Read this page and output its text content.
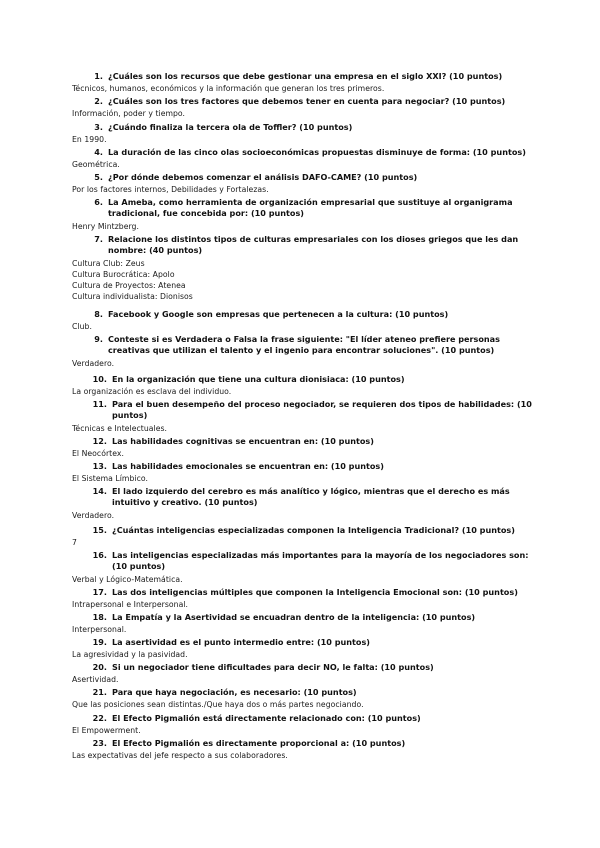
1. ¿Cuáles son los recursos que debe gestionar una empresa en el siglo XXI? (10 puntos)
Técnicos, humanos, económicos y la información que generan los tres primeros.
2. ¿Cuáles son los tres factores que debemos tener en cuenta para negociar? (10 puntos)
Información, poder y tiempo.
3. ¿Cuándo finaliza la tercera ola de Toffler? (10 puntos)
En 1990.
4. La duración de las cinco olas socioeconómicas propuestas disminuye de forma: (10 puntos)
Geométrica.
5. ¿Por dónde debemos comenzar el análisis DAFO-CAME? (10 puntos)
Por los factores internos, Debilidades y Fortalezas.
6. La Ameba, como herramienta de organización empresarial que sustituye al organigrama tradicional, fue concebida por: (10 puntos)
Henry Mintzberg.
7. Relacione los distintos tipos de culturas empresariales con los dioses griegos que les dan nombre: (40 puntos)
Cultura Club: Zeus
Cultura Burocrática: Apolo
Cultura de Proyectos: Atenea
Cultura individualista: Dionisos
8. Facebook y Google son empresas que pertenecen a la cultura: (10 puntos)
Club.
9. Conteste si es Verdadera o Falsa la frase siguiente: "El líder ateneo prefiere personas creativas que utilizan el talento y el ingenio para encontrar soluciones". (10 puntos)
Verdadero.
10. En la organización que tiene una cultura dionisiaca: (10 puntos)
La organización es esclava del individuo.
11. Para el buen desempeño del proceso negociador, se requieren dos tipos de habilidades: (10 puntos)
Técnicas e Intelectuales.
12. Las habilidades cognitivas se encuentran en: (10 puntos)
El Neocórtex.
13. Las habilidades emocionales se encuentran en: (10 puntos)
El Sistema Límbico.
14. El lado izquierdo del cerebro es más analítico y lógico, mientras que el derecho es más intuitivo y creativo. (10 puntos)
Verdadero.
15. ¿Cuántas inteligencias especializadas componen la Inteligencia Tradicional? (10 puntos)
7
16. Las inteligencias especializadas más importantes para la mayoría de los negociadores son: (10 puntos)
Verbal y Lógico-Matemática.
17. Las dos inteligencias múltiples que componen la Inteligencia Emocional son: (10 puntos)
Intrapersonal e Interpersonal.
18. La Empatía y la Asertividad se encuadran dentro de la inteligencia: (10 puntos)
Interpersonal.
19. La asertividad es el punto intermedio entre: (10 puntos)
La agresividad y la pasividad.
20. Si un negociador tiene dificultades para decir NO, le falta: (10 puntos)
Asertividad.
21. Para que haya negociación, es necesario: (10 puntos)
Que las posiciones sean distintas./Que haya dos o más partes negociando.
22. El Efecto Pigmalión está directamente relacionado con: (10 puntos)
El Empowerment.
23. El Efecto Pigmalión es directamente proporcional a: (10 puntos)
Las expectativas del jefe respecto a sus colaboradores.
